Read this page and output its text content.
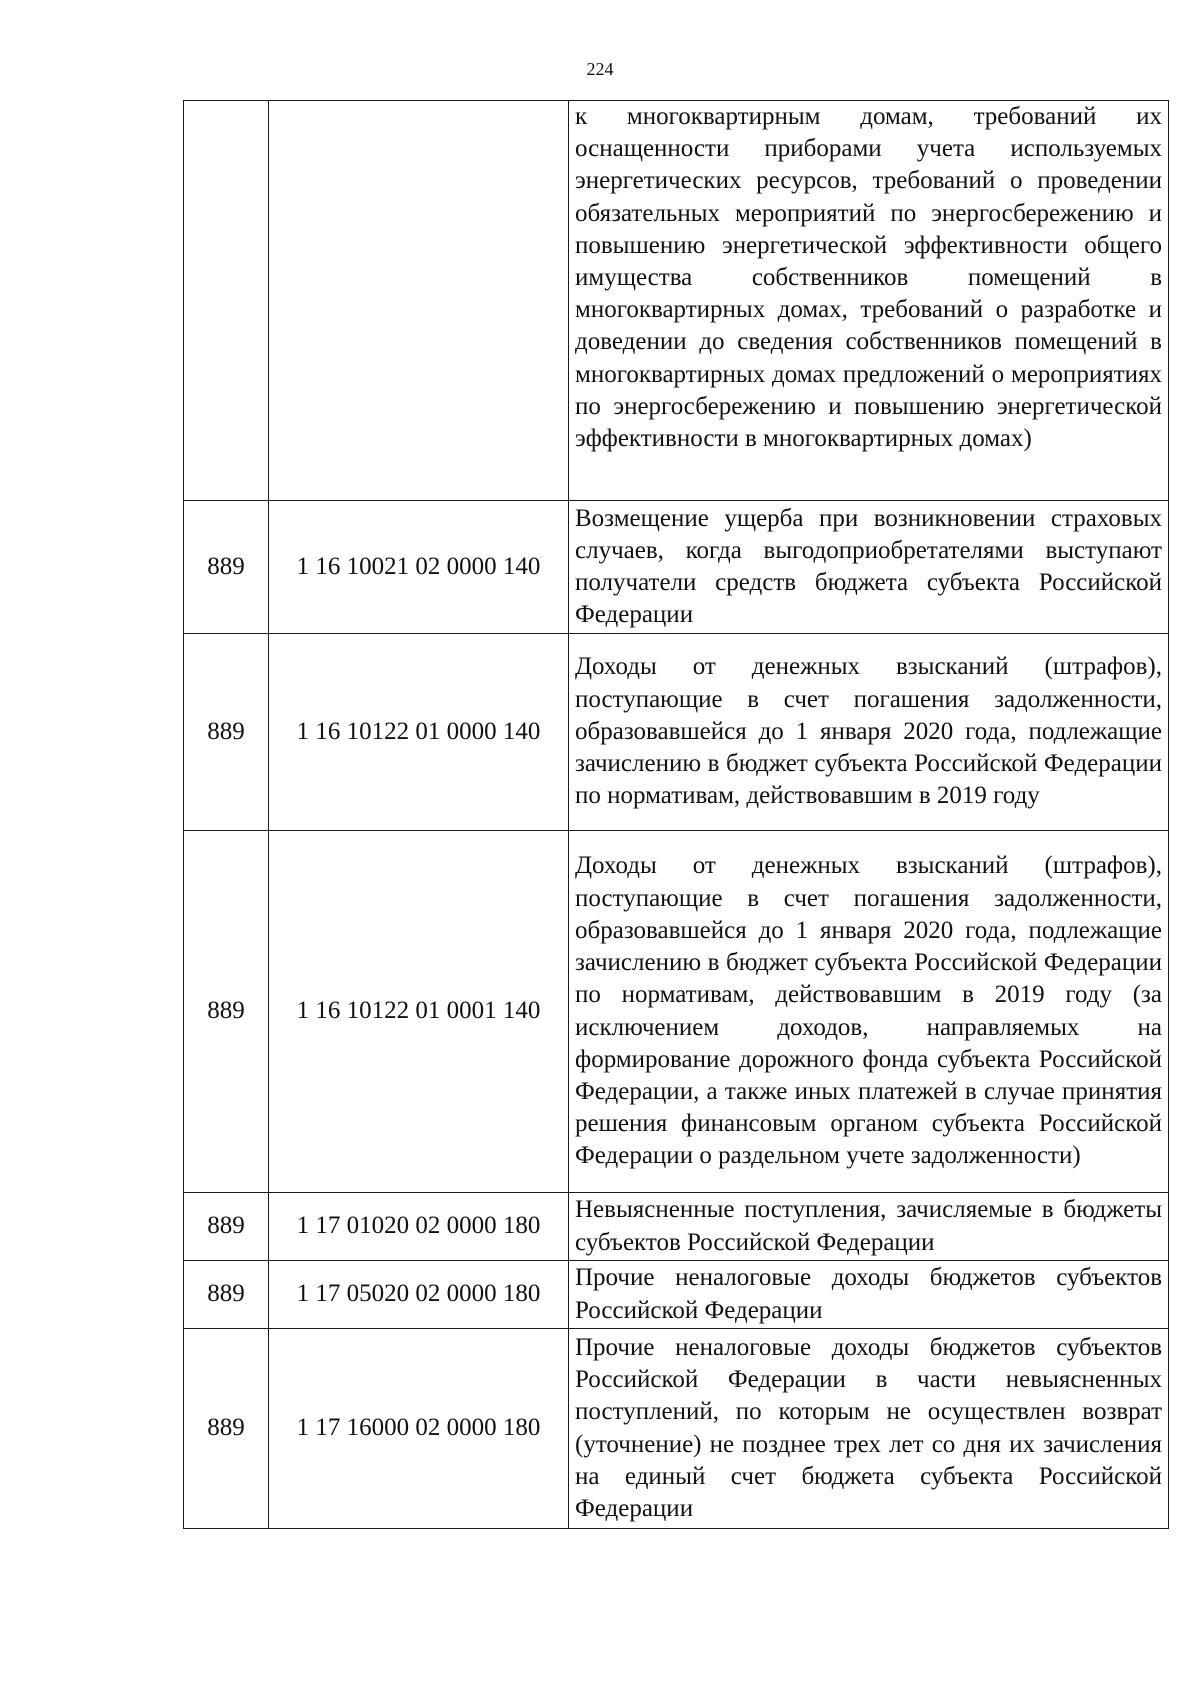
224
		к многоквартирным домам, требований их оснащенности приборами учета используемых энергетических ресурсов, требований о проведении обязательных мероприятий по энергосбережению и повышению энергетической эффективности общего имущества собственников помещений в многоквартирных домах, требований о разработке и доведении до сведения собственников помещений в многоквартирных домах предложений о мероприятиях по энергосбережению и повышению энергетической эффективности в многоквартирных домах)
889	1 16 10021 02 0000 140	Возмещение ущерба при возникновении страховых случаев, когда выгодоприобретателями выступают получатели средств бюджета субъекта Российской Федерации
889	1 16 10122 01 0000 140	Доходы от денежных взысканий (штрафов), поступающие в счет погашения задолженности, образовавшейся до 1 января 2020 года, подлежащие зачислению в бюджет субъекта Российской Федерации по нормативам, действовавшим в 2019 году
889	1 16 10122 01 0001 140	Доходы от денежных взысканий (штрафов), поступающие в счет погашения задолженности, образовавшейся до 1 января 2020 года, подлежащие зачислению в бюджет субъекта Российской Федерации по нормативам, действовавшим в 2019 году (за исключением доходов, направляемых на формирование дорожного фонда субъекта Российской Федерации, а также иных платежей в случае принятия решения финансовым органом субъекта Российской Федерации о раздельном учете задолженности)
889	1 17 01020 02 0000 180	Невыясненные поступления, зачисляемые в бюджеты субъектов Российской Федерации
889	1 17 05020 02 0000 180	Прочие неналоговые доходы бюджетов субъектов Российской Федерации
889	1 17 16000 02 0000 180	Прочие неналоговые доходы бюджетов субъектов Российской Федерации в части невыясненных поступлений, по которым не осуществлен возврат (уточнение) не позднее трех лет со дня их зачисления на единый счет бюджета субъекта Российской Федерации
